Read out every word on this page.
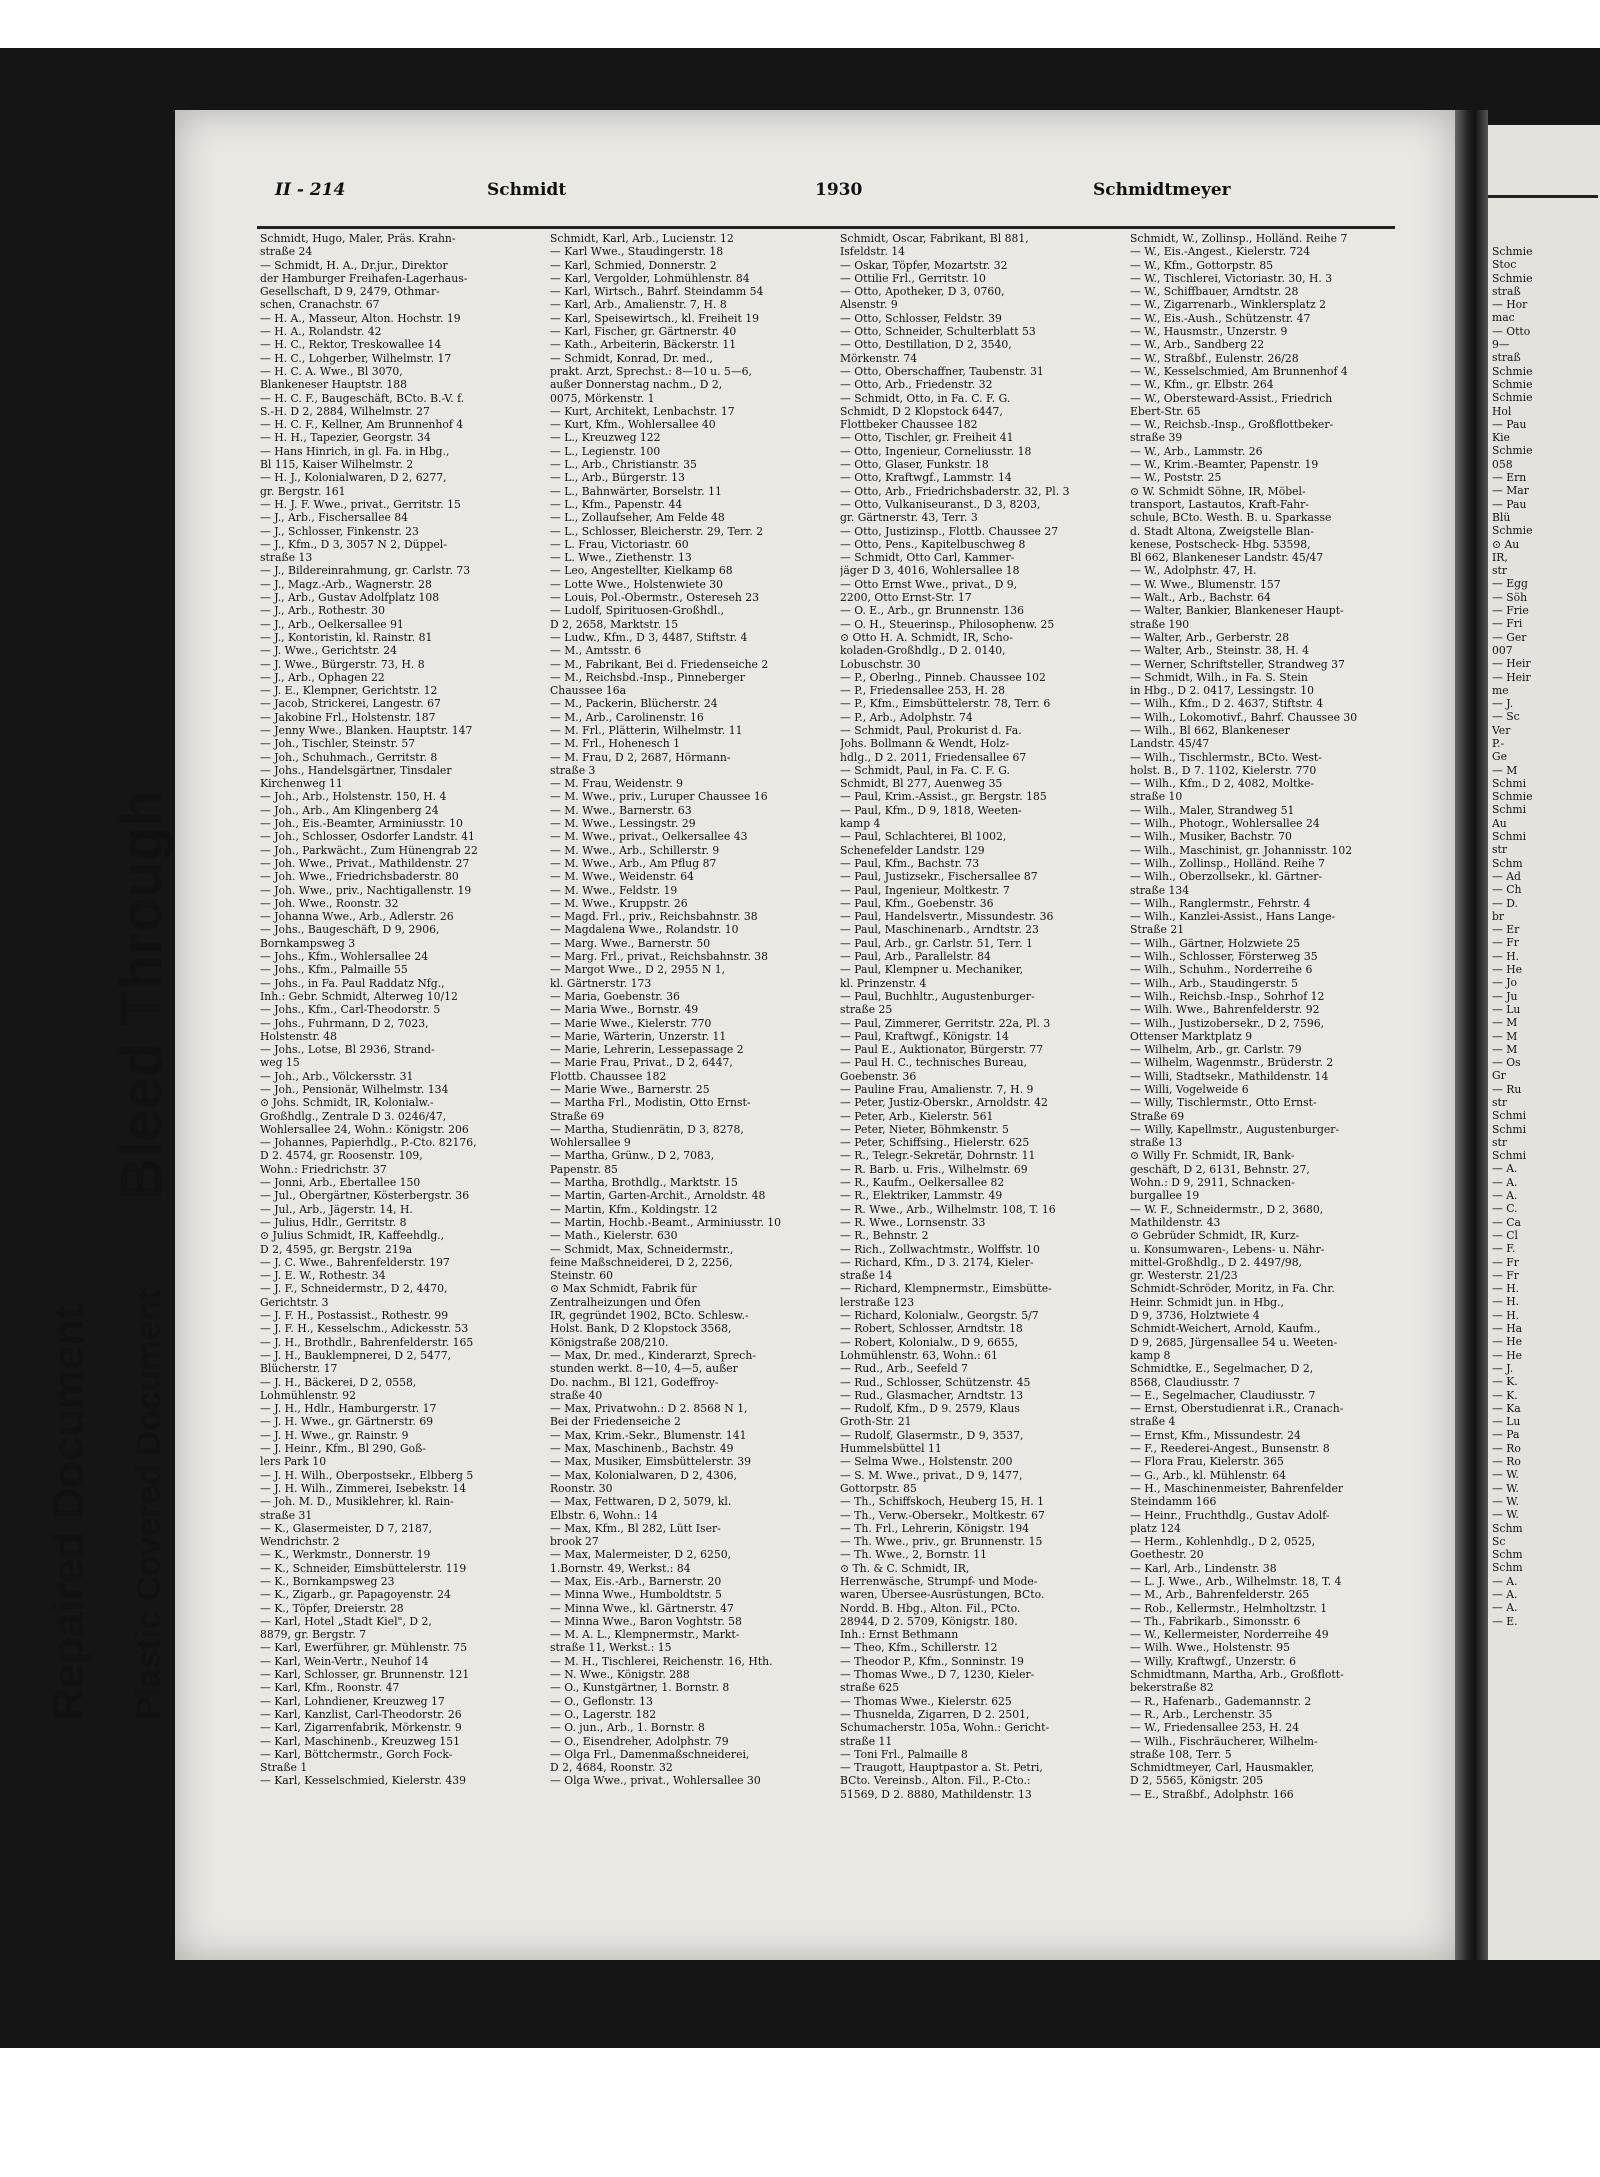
Repaired Document Plastic Covered Document
Bleed Through
II - 214	Schmidt	1930	Schmidtmeyer
Schmidt, Hugo, Maler, Präs. Krahn-
straße 24
— Schmidt, H. A., Dr.jur., Direktor
der Hamburger Freihafen-Lagerhaus-
Gesellschaft, D 9, 2479, Othmar-
schen, Cranachstr. 67
— H. A., Masseur, Alton. Hochstr. 19
— H. A., Rolandstr. 42
— H. C., Rektor, Treskowallee 14
— H. C., Lohgerber, Wilhelmstr. 17
— H. C. A. Wwe., Bl 3070,
Blankeneser Hauptstr. 188
— H. C. F., Baugeschäft, BCto. B.-V. f.
S.-H. D 2, 2884, Wilhelmstr. 27
— H. C. F., Kellner, Am Brunnenhof 4
— H. H., Tapezier, Georgstr. 34
— Hans Hinrich, in gl. Fa. in Hbg.,
Bl 115, Kaiser Wilhelmstr. 2
— H. J., Kolonialwaren, D 2, 6277,
gr. Bergstr. 161
— H. J. F. Wwe., privat., Gerritstr. 15
— J., Arb., Fischersallee 84
— J., Schlosser, Finkenstr. 23
— J., Kfm., D 3, 3057 N 2, Düppel-
straße 13
— J., Bildereinrahmung, gr. Carlstr. 73
— J., Magz.-Arb., Wagnerstr. 28
— J., Arb., Gustav Adolfplatz 108
— J., Arb., Rothestr. 30
— J., Arb., Oelkersallee 91
— J., Kontoristin, kl. Rainstr. 81
— J. Wwe., Gerichtstr. 24
— J. Wwe., Bürgerstr. 73, H. 8
— J., Arb., Ophagen 22
— J. E., Klempner, Gerichtstr. 12
— Jacob, Strickerei, Langestr. 67
— Jakobine Frl., Holstenstr. 187
— Jenny Wwe., Blanken. Hauptstr. 147
— Joh., Tischler, Steinstr. 57
— Joh., Schuhmach., Gerritstr. 8
— Johs., Handelsgärtner, Tinsdaler
Kirchenweg 11
— Joh., Arb., Holstenstr. 150, H. 4
— Joh., Arb., Am Klingenberg 24
— Joh., Eis.-Beamter, Arminiusstr. 10
— Joh., Schlosser, Osdorfer Landstr. 41
— Joh., Parkwächt., Zum Hünengrab 22
— Joh. Wwe., Privat., Mathildenstr. 27
— Joh. Wwe., Friedrichsbaderstr. 80
— Joh. Wwe., priv., Nachtigallenstr. 19
— Joh. Wwe., Roonstr. 32
— Johanna Wwe., Arb., Adlerstr. 26
— Johs., Baugeschäft, D 9, 2906,
Bornkampsweg 3
— Johs., Kfm., Wohlersallee 24
— Johs., Kfm., Palmaille 55
— Johs., in Fa. Paul Raddatz Nfg.,
Inh.: Gebr. Schmidt, Alterweg 10/12
— Johs., Kfm., Carl-Theodorstr. 5
— Johs., Fuhrmann, D 2, 7023,
Holstenstr. 48
— Johs., Lotse, Bl 2936, Strand-
weg 15
— Joh., Arb., Völckersstr. 31
— Joh., Pensionär, Wilhelmstr. 134
⊙ Johs. Schmidt, IR, Kolonialw.-
Großhdlg., Zentrale D 3. 0246/47,
Wohlersallee 24, Wohn.: Königstr. 206
— Johannes, Papierhdlg., P.-Cto. 82176,
D 2. 4574, gr. Roosenstr. 109,
Wohn.: Friedrichstr. 37
— Jonni, Arb., Ebertallee 150
— Jul., Obergärtner, Kösterbergstr. 36
— Jul., Arb., Jägerstr. 14, H.
— Julius, Hdlr., Gerritstr. 8
⊙ Julius Schmidt, IR, Kaffeehdlg.,
D 2, 4595, gr. Bergstr. 219a
— J. C. Wwe., Bahrenfelderstr. 197
— J. E. W., Rothestr. 34
— J. F., Schneidermstr., D 2, 4470,
Gerichtstr. 3
— J. F. H., Postassist., Rothestr. 99
— J. F. H., Kesselschm., Adickesstr. 53
— J. H., Brothdlr., Bahrenfelderstr. 165
— J. H., Bauklempnerei, D 2, 5477,
Blücherstr. 17
— J. H., Bäckerei, D 2, 0558,
Lohmühlenstr. 92
— J. H., Hdlr., Hamburgerstr. 17
— J. H. Wwe., gr. Gärtnerstr. 69
— J. H. Wwe., gr. Rainstr. 9
— J. Heinr., Kfm., Bl 290, Goß-
lers Park 10
— J. H. Wilh., Oberpostsekr., Elbberg 5
— J. H. Wilh., Zimmerei, Isebekstr. 14
— Joh. M. D., Musiklehrer, kl. Rain-
straße 31
— K., Glasermeister, D 7, 2187,
Wendrichstr. 2
— K., Werkmstr., Donnerstr. 19
— K., Schneider, Eimsbüttelerstr. 119
— K., Bornkampsweg 23
— K., Zigarb., gr. Papagoyenstr. 24
— K., Töpfer, Dreierstr. 28
— Karl, Hotel „Stadt Kiel", D 2,
8879, gr. Bergstr. 7
— Karl, Ewerführer, gr. Mühlenstr. 75
— Karl, Wein-Vertr., Neuhof 14
— Karl, Schlosser, gr. Brunnenstr. 121
— Karl, Kfm., Roonstr. 47
— Karl, Lohndiener, Kreuzweg 17
— Karl, Kanzlist, Carl-Theodorstr. 26
— Karl, Zigarrenfabrik, Mörkenstr. 9
— Karl, Maschinenb., Kreuzweg 151
— Karl, Böttchermstr., Gorch Fock-
Straße 1
— Karl, Kesselschmied, Kielerstr. 439
Schmidt, Karl, Arb., Lucienstr. 12
— Karl Wwe., Staudingerstr. 18
— Karl, Schmied, Donnerstr. 2
— Karl, Vergolder, Lohmühlenstr. 84
— Karl, Wirtsch., Bahrf. Steindamm 54
— Karl, Arb., Amalienstr. 7, H. 8
— Karl, Speisewirtsch., kl. Freiheit 19
— Karl, Fischer, gr. Gärtnerstr. 40
— Kath., Arbeiterin, Bäckerstr. 11
— Schmidt, Konrad, Dr. med.,
prakt. Arzt, Sprechst.: 8—10 u. 5—6,
außer Donnerstag nachm., D 2,
0075, Mörkenstr. 1
— Kurt, Architekt, Lenbachstr. 17
— Kurt, Kfm., Wohlersallee 40
— L., Kreuzweg 122
— L., Legienstr. 100
— L., Arb., Christianstr. 35
— L., Arb., Bürgerstr. 13
— L., Bahnwärter, Borselstr. 11
— L., Kfm., Papenstr. 44
— L., Zollaufseher, Am Felde 48
— L., Schlosser, Bleicherstr. 29, Terr. 2
— L. Frau, Victoriastr. 60
— L. Wwe., Ziethenstr. 13
— Leo, Angestellter, Kielkamp 68
— Lotte Wwe., Holstenwiete 30
— Louis, Pol.-Obermstr., Ostereseh 23
— Ludolf, Spirituosen-Großhdl.,
D 2, 2658, Marktstr. 15
— Ludw., Kfm., D 3, 4487, Stiftstr. 4
— M., Amtsstr. 6
— M., Fabrikant, Bei d. Friedenseiche 2
— M., Reichsbd.-Insp., Pinneberger
Chaussee 16a
— M., Packerin, Blücherstr. 24
— M., Arb., Carolinenstr. 16
— M. Frl., Plätterin, Wilhelmstr. 11
— M. Frl., Hohenesch 1
— M. Frau, D 2, 2687, Hörmann-
straße 3
— M. Frau, Weidenstr. 9
— M. Wwe., priv., Luruper Chaussee 16
— M. Wwe., Barnerstr. 63
— M. Wwe., Lessingstr. 29
— M. Wwe., privat., Oelkersallee 43
— M. Wwe., Arb., Schillerstr. 9
— M. Wwe., Arb., Am Pflug 87
— M. Wwe., Weidenstr. 64
— M. Wwe., Feldstr. 19
— M. Wwe., Kruppstr. 26
— Magd. Frl., priv., Reichsbahnstr. 38
— Magdalena Wwe., Rolandstr. 10
— Marg. Wwe., Barnerstr. 50
— Marg. Frl., privat., Reichsbahnstr. 38
— Margot Wwe., D 2, 2955 N 1,
kl. Gärtnerstr. 173
— Maria, Goebenstr. 36
— Maria Wwe., Bornstr. 49
— Marie Wwe., Kielerstr. 770
— Marie, Wärterin, Unzerstr. 11
— Marie, Lehrerin, Lessepassage 2
— Marie Frau, Privat., D 2, 6447,
Flottb. Chaussee 182
— Marie Wwe., Barnerstr. 25
— Martha Frl., Modistin, Otto Ernst-
Straße 69
— Martha, Studienrätin, D 3, 8278,
Wohlersallee 9
— Martha, Grünw., D 2, 7083,
Papenstr. 85
— Martha, Brothdlg., Marktstr. 15
— Martin, Garten-Archit., Arnoldstr. 48
— Martin, Kfm., Koldingstr. 12
— Martin, Hochb.-Beamt., Arminiusstr. 10
— Math., Kielerstr. 630
— Schmidt, Max, Schneidermstr.,
feine Maßschneiderei, D 2, 2256,
Steinstr. 60
⊙ Max Schmidt, Fabrik für
Zentralheizungen und Öfen
IR, gegründet 1902, BCto. Schlesw.-
Holst. Bank, D 2 Klopstock 3568,
Königstraße 208/210.
— Max, Dr. med., Kinderarzt, Sprech-
stunden werkt. 8—10, 4—5, außer
Do. nachm., Bl 121, Godeffroy-
straße 40
— Max, Privatwohn.: D 2. 8568 N 1,
Bei der Friedenseiche 2
— Max, Krim.-Sekr., Blumenstr. 141
— Max, Maschinenb., Bachstr. 49
— Max, Musiker, Eimsbüttelerstr. 39
— Max, Kolonialwaren, D 2, 4306,
Roonstr. 30
— Max, Fettwaren, D 2, 5079, kl.
Elbstr. 6, Wohn.: 14
— Max, Kfm., Bl 282, Lütt Iser-
brook 27
— Max, Malermeister, D 2, 6250,
1.Bornstr. 49, Werkst.: 84
— Max, Eis.-Arb., Barnerstr. 20
— Minna Wwe., Humboldtstr. 5
— Minna Wwe., kl. Gärtnerstr. 47
— Minna Wwe., Baron Voghtstr. 58
— M. A. L., Klempnermstr., Markt-
straße 11, Werkst.: 15
— M. H., Tischlerei, Reichenstr. 16, Hth.
— N. Wwe., Königstr. 288
— O., Kunstgärtner, 1. Bornstr. 8
— O., Geflonstr. 13
— O., Lagerstr. 182
— O. jun., Arb., 1. Bornstr. 8
— O., Eisendreher, Adolphstr. 79
— Olga Frl., Damenmaßschneiderei,
D 2, 4684, Roonstr. 32
— Olga Wwe., privat., Wohlersallee 30
Schmidt, Oscar, Fabrikant, Bl 881,
Isfeldstr. 14
— Oskar, Töpfer, Mozartstr. 32
— Ottilie Frl., Gerritstr. 10
— Otto, Apotheker, D 3, 0760,
Alsenstr. 9
— Otto, Schlosser, Feldstr. 39
— Otto, Schneider, Schulterblatt 53
— Otto, Destillation, D 2, 3540,
Mörkenstr. 74
— Otto, Oberschaffner, Taubenstr. 31
— Otto, Arb., Friedenstr. 32
— Schmidt, Otto, in Fa. C. F. G.
Schmidt, D 2 Klopstock 6447,
Flottbeker Chaussee 182
— Otto, Tischler, gr. Freiheit 41
— Otto, Ingenieur, Corneliusstr. 18
— Otto, Glaser, Funkstr. 18
— Otto, Kraftwgf., Lammstr. 14
— Otto, Arb., Friedrichsbaderstr. 32, Pl. 3
— Otto, Vulkaniseuranst., D 3, 8203,
gr. Gärtnerstr. 43, Terr. 3
— Otto, Justizinsp., Flottb. Chaussee 27
— Otto, Pens., Kapitelbuschweg 8
— Schmidt, Otto Carl, Kammer-
jäger D 3, 4016, Wohlersallee 18
— Otto Ernst Wwe., privat., D 9,
2200, Otto Ernst-Str. 17
— O. E., Arb., gr. Brunnenstr. 136
— O. H., Steuerinsp., Philosophenw. 25
⊙ Otto H. A. Schmidt, IR, Scho-
koladen-Großhdlg., D 2. 0140,
Lobuschstr. 30
— P., Oberlng., Pinneb. Chaussee 102
— P., Friedensallee 253, H. 28
— P., Kfm., Eimsbüttelerstr. 78, Terr. 6
— P., Arb., Adolphstr. 74
— Schmidt, Paul, Prokurist d. Fa.
Johs. Bollmann & Wendt, Holz-
hdlg., D 2. 2011, Friedensallee 67
— Schmidt, Paul, in Fa. C. F. G.
Schmidt, Bl 277, Auenweg 35
— Paul, Krim.-Assist., gr. Bergstr. 185
— Paul, Kfm., D 9, 1818, Weeten-
kamp 4
— Paul, Schlachterei, Bl 1002,
Schenefelder Landstr. 129
— Paul, Kfm., Bachstr. 73
— Paul, Justizsekr., Fischersallee 87
— Paul, Ingenieur, Moltkestr. 7
— Paul, Kfm., Goebenstr. 36
— Paul, Handelsvertr., Missundestr. 36
— Paul, Maschinenarb., Arndtstr. 23
— Paul, Arb., gr. Carlstr. 51, Terr. 1
— Paul, Arb., Parallelstr. 84
— Paul, Klempner u. Mechaniker,
kl. Prinzenstr. 4
— Paul, Buchhltr., Augustenburger-
straße 25
— Paul, Zimmerer, Gerritstr. 22a, Pl. 3
— Paul, Kraftwgf., Königstr. 14
— Paul E., Auktionator, Bürgerstr. 77
— Paul H. C., technisches Bureau,
Goebenstr. 36
— Pauline Frau, Amalienstr. 7, H. 9
— Peter, Justiz-Oberskr., Arnoldstr. 42
— Peter, Arb., Kielerstr. 561
— Peter, Nieter, Böhmkenstr. 5
— Peter, Schiffsing., Hielerstr. 625
— R., Telegr.-Sekretär, Dohrnstr. 11
— R. Barb. u. Fris., Wilhelmstr. 69
— R., Kaufm., Oelkersallee 82
— R., Elektriker, Lammstr. 49
— R. Wwe., Arb., Wilhelmstr. 108, T. 16
— R. Wwe., Lornsenstr. 33
— R., Behnstr. 2
— Rich., Zollwachtmstr., Wolffstr. 10
— Richard, Kfm., D 3. 2174, Kieler-
straße 14
— Richard, Klempnermstr., Eimsbütte-
lerstraße 123
— Richard, Kolonialw., Georgstr. 5/7
— Robert, Schlosser, Arndtstr. 18
— Robert, Kolonialw., D 9, 6655,
Lohmühlenstr. 63, Wohn.: 61
— Rud., Arb., Seefeld 7
— Rud., Schlosser, Schützenstr. 45
— Rud., Glasmacher, Arndtstr. 13
— Rudolf, Kfm., D 9. 2579, Klaus
Groth-Str. 21
— Rudolf, Glasermstr., D 9, 3537,
Hummelsbüttel 11
— Selma Wwe., Holstenstr. 200
— S. M. Wwe., privat., D 9, 1477,
Gottorpstr. 85
— Th., Schiffskoch, Heuberg 15, H. 1
— Th., Verw.-Obersekr., Moltkestr. 67
— Th. Frl., Lehrerin, Königstr. 194
— Th. Wwe., priv., gr. Brunnenstr. 15
— Th. Wwe., 2, Bornstr. 11
⊙ Th. & C. Schmidt, IR,
Herrenwäsche, Strumpf- und Mode-
waren, Übersee-Ausrüstungen, BCto.
Nordd. B. Hbg., Alton. Fil., PCto.
28944, D 2. 5709, Königstr. 180.
Inh.: Ernst Bethmann
— Theo, Kfm., Schillerstr. 12
— Theodor P., Kfm., Sonninstr. 19
— Thomas Wwe., D 7, 1230, Kieler-
straße 625
— Thomas Wwe., Kielerstr. 625
— Thusnelda, Zigarren, D 2. 2501,
Schumacherstr. 105a, Wohn.: Gericht-
straße 11
— Toni Frl., Palmaille 8
— Traugott, Hauptpastor a. St. Petri,
BCto. Vereinsb., Alton. Fil., P.-Cto.:
51569, D 2. 8880, Mathildenstr. 13
Schmidt, W., Zollinsp., Holländ. Reihe 7
— W., Eis.-Angest., Kielerstr. 724
— W., Kfm., Gottorpstr. 85
— W., Tischlerei, Victoriastr. 30, H. 3
— W., Schiffbauer, Arndtstr. 28
— W., Zigarrenarb., Winklersplatz 2
— W., Eis.-Aush., Schützenstr. 47
— W., Hausmstr., Unzerstr. 9
— W., Arb., Sandberg 22
— W., Straßbf., Eulenstr. 26/28
— W., Kesselschmied, Am Brunnenhof 4
— W., Kfm., gr. Elbstr. 264
— W., Obersteward-Assist., Friedrich
Ebert-Str. 65
— W., Reichsb.-Insp., Großflottbeker-
straße 39
— W., Arb., Lammstr. 26
— W., Krim.-Beamter, Papenstr. 19
— W., Poststr. 25
⊙ W. Schmidt Söhne, IR, Möbel-
transport, Lastautos, Kraft-Fahr-
schule, BCto. Westh. B. u. Sparkasse
d. Stadt Altona, Zweigstelle Blan-
kenese, Postscheck- Hbg. 53598,
Bl 662, Blankeneser Landstr. 45/47
— W., Adolphstr. 47, H.
— W. Wwe., Blumenstr. 157
— Walt., Arb., Bachstr. 64
— Walter, Bankier, Blankeneser Haupt-
straße 190
— Walter, Arb., Gerberstr. 28
— Walter, Arb., Steinstr. 38, H. 4
— Werner, Schriftsteller, Strandweg 37
— Schmidt, Wilh., in Fa. S. Stein
in Hbg., D 2. 0417, Lessingstr. 10
— Wilh., Kfm., D 2. 4637, Stiftstr. 4
— Wilh., Lokomotivf., Bahrf. Chaussee 30
— Wilh., Bl 662, Blankeneser
Landstr. 45/47
— Wilh., Tischlermstr., BCto. West-
holst. B., D 7. 1102, Kielerstr. 770
— Wilh., Kfm., D 2, 4082, Moltke-
straße 10
— Wilh., Maler, Strandweg 51
— Wilh., Photogr., Wohlersallee 24
— Wilh., Musiker, Bachstr. 70
— Wilh., Maschinist, gr. Johannisstr. 102
— Wilh., Zollinsp., Holländ. Reihe 7
— Wilh., Oberzollsekr., kl. Gärtner-
straße 134
— Wilh., Ranglermstr., Fehrstr. 4
— Wilh., Kanzlei-Assist., Hans Lange-
Straße 21
— Wilh., Gärtner, Holzwiete 25
— Wilh., Schlosser, Försterweg 35
— Wilh., Schuhm., Norderreihe 6
— Wilh., Arb., Staudingerstr. 5
— Wilh., Reichsb.-Insp., Sohrhof 12
— Wilh. Wwe., Bahrenfelderstr. 92
— Wilh., Justizobersekr., D 2, 7596,
Ottenser Marktplatz 9
— Wilhelm, Arb., gr. Carlstr. 79
— Wilhelm, Wagenmstr., Brüderstr. 2
— Willi, Stadtsekr., Mathildenstr. 14
— Willi, Vogelweide 6
— Willy, Tischlermstr., Otto Ernst-
Straße 69
— Willy, Kapellmstr., Augustenburger-
straße 13
⊙ Willy Fr. Schmidt, IR, Bank-
geschäft, D 2, 6131, Behnstr. 27,
Wohn.: D 9, 2911, Schnacken-
burgallee 19
— W. F., Schneidermstr., D 2, 3680,
Mathildenstr. 43
⊙ Gebrüder Schmidt, IR, Kurz-
u. Konsumwaren-, Lebens- u. Nähr-
mittel-Großhdlg., D 2. 4497/98,
gr. Westerstr. 21/23
Schmidt-Schröder, Moritz, in Fa. Chr.
Heinr. Schmidt jun. in Hbg.,
D 9, 3736, Holztwiete 4
Schmidt-Weichert, Arnold, Kaufm.,
D 9, 2685, Jürgensallee 54 u. Weeten-
kamp 8
Schmidtke, E., Segelmacher, D 2,
8568, Claudiusstr. 7
— E., Segelmacher, Claudiusstr. 7
— Ernst, Oberstudienrat i.R., Cranach-
straße 4
— Ernst, Kfm., Missundestr. 24
— F., Reederei-Angest., Bunsenstr. 8
— Flora Frau, Kielerstr. 365
— G., Arb., kl. Mühlenstr. 64
— H., Maschinenmeister, Bahrenfelder
Steindamm 166
— Heinr., Fruchthdlg., Gustav Adolf-
platz 124
— Herm., Kohlenhdlg., D 2, 0525,
Goethestr. 20
— Karl, Arb., Lindenstr. 38
— L. J. Wwe., Arb., Wilhelmstr. 18, T. 4
— M., Arb., Bahrenfelderstr. 265
— Rob., Kellermstr., Helmholtzstr. 1
— Th., Fabrikarb., Simonsstr. 6
— W., Kellermeister, Norderreihe 49
— Wilh. Wwe., Holstenstr. 95
— Willy, Kraftwgf., Unzerstr. 6
Schmidtmann, Martha, Arb., Großflott-
bekerstraße 82
— R., Hafenarb., Gademannstr. 2
— R., Arb., Lerchenstr. 35
— W., Friedensallee 253, H. 24
— Wilh., Fischräucherer, Wilhelm-
straße 108, Terr. 5
Schmidtmeyer, Carl, Hausmakler,
D 2, 5565, Königstr. 205
— E., Straßbf., Adolphstr. 166
Schmie
Stoc
Schmie
straß
— Hor
mac
— Otto
9—
straß
Schmie
Schmie
Schmie
Hol
— Pau
Kie
Schmie
058
— Ern
— Mar
— Pau
Blü
Schmie
⊙ Au
IR,
str
— Egg
— Söh
— Frie
— Fri
— Ger
007
— Heir
— Heir
me
— J.
— Sc
Ver
P.-
Ge
— M
Schmi
Schmie
Schmi
Au
Schmi
str
Schm
— Ad
— Ch
— D.
br
— Er
— Fr
— H.
— He
— Jo
— Ju
— Lu
— M
— M
— M
— Os
Gr
— Ru
str
Schmi
Schmi
str
Schmi
— A.
— A.
— A.
— C.
— Ca
— Cl
— F.
— Fr
— Fr
— H.
— H.
— H.
— Ha
— He
— He
— J.
— K.
— K.
— Ka
— Lu
— Pa
— Ro
— Ro
— W.
— W.
— W.
— W.
Schm
Sc
Schm
Schm
— A.
— A.
— A.
— E.
